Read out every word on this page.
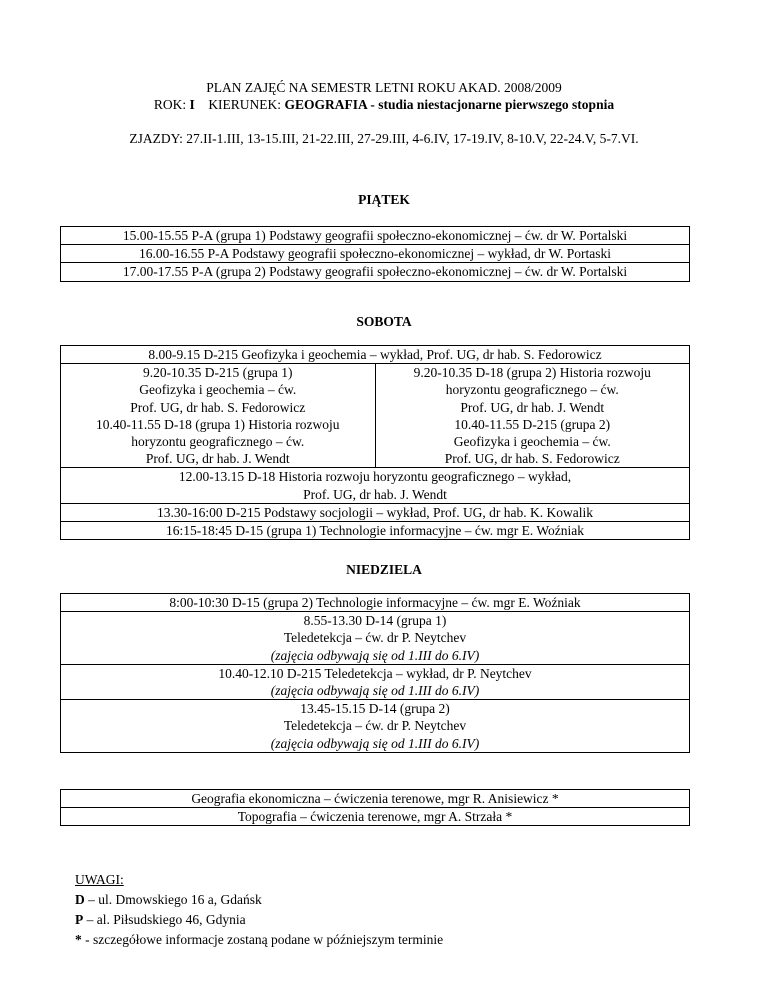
PLAN ZAJĘĆ NA SEMESTR LETNI ROKU AKAD. 2008/2009
ROK: I KIERUNEK: GEOGRAFIA - studia niestacjonarne pierwszego stopnia
ZJAZDY: 27.II-1.III, 13-15.III, 21-22.III, 27-29.III, 4-6.IV, 17-19.IV, 8-10.V, 22-24.V, 5-7.VI.
PIĄTEK
15.00-15.55 P-A (grupa 1) Podstawy geografii społeczno-ekonomicznej – ćw. dr W. Portalski
16.00-16.55 P-A Podstawy geografii społeczno-ekonomicznej – wykład, dr W. Portaski
17.00-17.55 P-A (grupa 2) Podstawy geografii społeczno-ekonomicznej – ćw. dr W. Portalski
SOBOTA
8.00-9.15 D-215 Geofizyka i geochemia – wykład, Prof. UG, dr hab. S. Fedorowicz

9.20-10.35 D-215 (grupa 1)
Geofizyka i geochemia – ćw.
Prof. UG, dr hab. S. Fedorowicz
10.40-11.55 D-18 (grupa 1) Historia rozwoju
horyzontu geograficznego – ćw.
Prof. UG, dr hab. J. Wendt

9.20-10.35 D-18 (grupa 2) Historia rozwoju
horyzontu geograficznego – ćw.
Prof. UG, dr hab. J. Wendt
10.40-11.55 D-215 (grupa 2)
Geofizyka i geochemia – ćw.
Prof. UG, dr hab. S. Fedorowicz

12.00-13.15 D-18 Historia rozwoju horyzontu geograficznego – wykład,
Prof. UG, dr hab. J. Wendt

13.30-16:00 D-215 Podstawy socjologii – wykład, Prof. UG, dr hab. K. Kowalik
16:15-18:45 D-15 (grupa 1) Technologie informacyjne – ćw. mgr E. Woźniak
NIEDZIELA
8:00-10:30 D-15 (grupa 2) Technologie informacyjne – ćw. mgr E. Woźniak

8.55-13.30 D-14 (grupa 1)
Teledetekcja – ćw. dr P. Neytchev
(zajęcia odbywają się od 1.III do 6.IV)

10.40-12.10 D-215 Teledetekcja – wykład, dr P. Neytchev
(zajęcia odbywają się od 1.III do 6.IV)

13.45-15.15 D-14 (grupa 2)
Teledetekcja – ćw. dr P. Neytchev
(zajęcia odbywają się od 1.III do 6.IV)
Geografia ekonomiczna – ćwiczenia terenowe, mgr R. Anisiewicz *
Topografia – ćwiczenia terenowe, mgr A. Strzała *
UWAGI:
D – ul. Dmowskiego 16 a, Gdańsk
P – al. Piłsudskiego 46, Gdynia
* - szczegółowe informacje zostaną podane w późniejszym terminie
